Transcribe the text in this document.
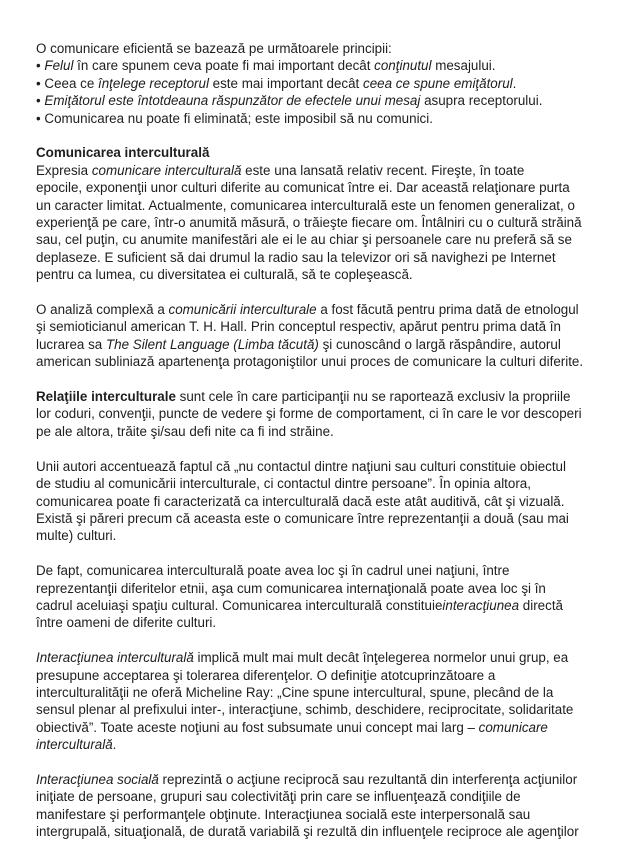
O comunicare eficientă se bazează pe următoarele principii:

• Felul în care spunem ceva poate fi mai important decât conţinutul mesajului.

• Ceea ce înţelege receptorul este mai important decât ceea ce spune emiţătorul.

• Emiţătorul este întotdeauna răspunzător de efectele unui mesaj asupra receptorului.

• Comunicarea nu poate fi eliminată; este imposibil să nu comunici.

Comunicarea interculturală

Expresia comunicare interculturală este una lansată relativ recent. Fireşte, în toate

epocile, exponenţii unor culturi diferite au comunicat între ei. Dar această relaţionare purta

un caracter limitat. Actualmente, comunicarea interculturală este un fenomen generalizat, o

experienţă pe care, într-o anumită măsură, o trăieşte fiecare om. Întâlniri cu o cultură străină

sau, cel puţin, cu anumite manifestări ale ei le au chiar şi persoanele care nu preferă să se

deplaseze. E suficient să dai drumul la radio sau la televizor ori să navighezi pe Internet

pentru ca lumea, cu diversitatea ei culturală, să te copleşească.

O analiză complexă a comunicării interculturale a fost făcută pentru prima dată de etnologul

şi semioticianul american T. H. Hall. Prin conceptul respectiv, apărut pentru prima dată în

lucrarea sa The Silent Language (Limba tăcută) şi cunoscând o largă răspândire, autorul

american subliniază apartenenţa protagoniştilor unui proces de comunicare la culturi diferite.

Relaţiile interculturale sunt cele în care participanţii nu se raportează exclusiv la propriile

lor coduri, convenţii, puncte de vedere şi forme de comportament, ci în care le vor descoperi

pe ale altora, trăite şi/sau defi nite ca fi ind străine.

Unii autori accentuează faptul că „nu contactul dintre naţiuni sau culturi constituie obiectul

de studiu al comunicării interculturale, ci contactul dintre persoane”. În opinia altora,

comunicarea poate fi caracterizată ca interculturală dacă este atât auditivă, cât şi vizuală.

Există şi păreri precum că aceasta este o comunicare între reprezentanţii a două (sau mai

multe) culturi.

De fapt, comunicarea interculturală poate avea loc şi în cadrul unei naţiuni, între

reprezentanţii diferitelor etnii, aşa cum comunicarea internaţională poate avea loc şi în

cadrul aceluiaşi spaţiu cultural. Comunicarea interculturală constituieinteracţiunea directă

între oameni de diferite culturi.

Interacţiunea interculturală implică mult mai mult decât înţelegerea normelor unui grup, ea

presupune acceptarea şi tolerarea diferenţelor. O definiţie atotcuprinzătoare a

interculturalităţii ne oferă Micheline Ray: „Cine spune intercultural, spune, plecând de la

sensul plenar al prefixului inter-, interacţiune, schimb, deschidere, reciprocitate, solidaritate

obiectivă”. Toate aceste noţiuni au fost subsumate unui concept mai larg – comunicare

interculturală.

Interacţiunea socială reprezintă o acţiune reciprocă sau rezultantă din interferenţa acţiunilor

iniţiate de persoane, grupuri sau colectivităţi prin care se influenţează condiţiile de

manifestare şi performanţele obţinute. Interacţiunea socială este interpersonală sau

intergrupală, situaţională, de durată variabilă şi rezultă din influenţele reciproce ale agenţilor
